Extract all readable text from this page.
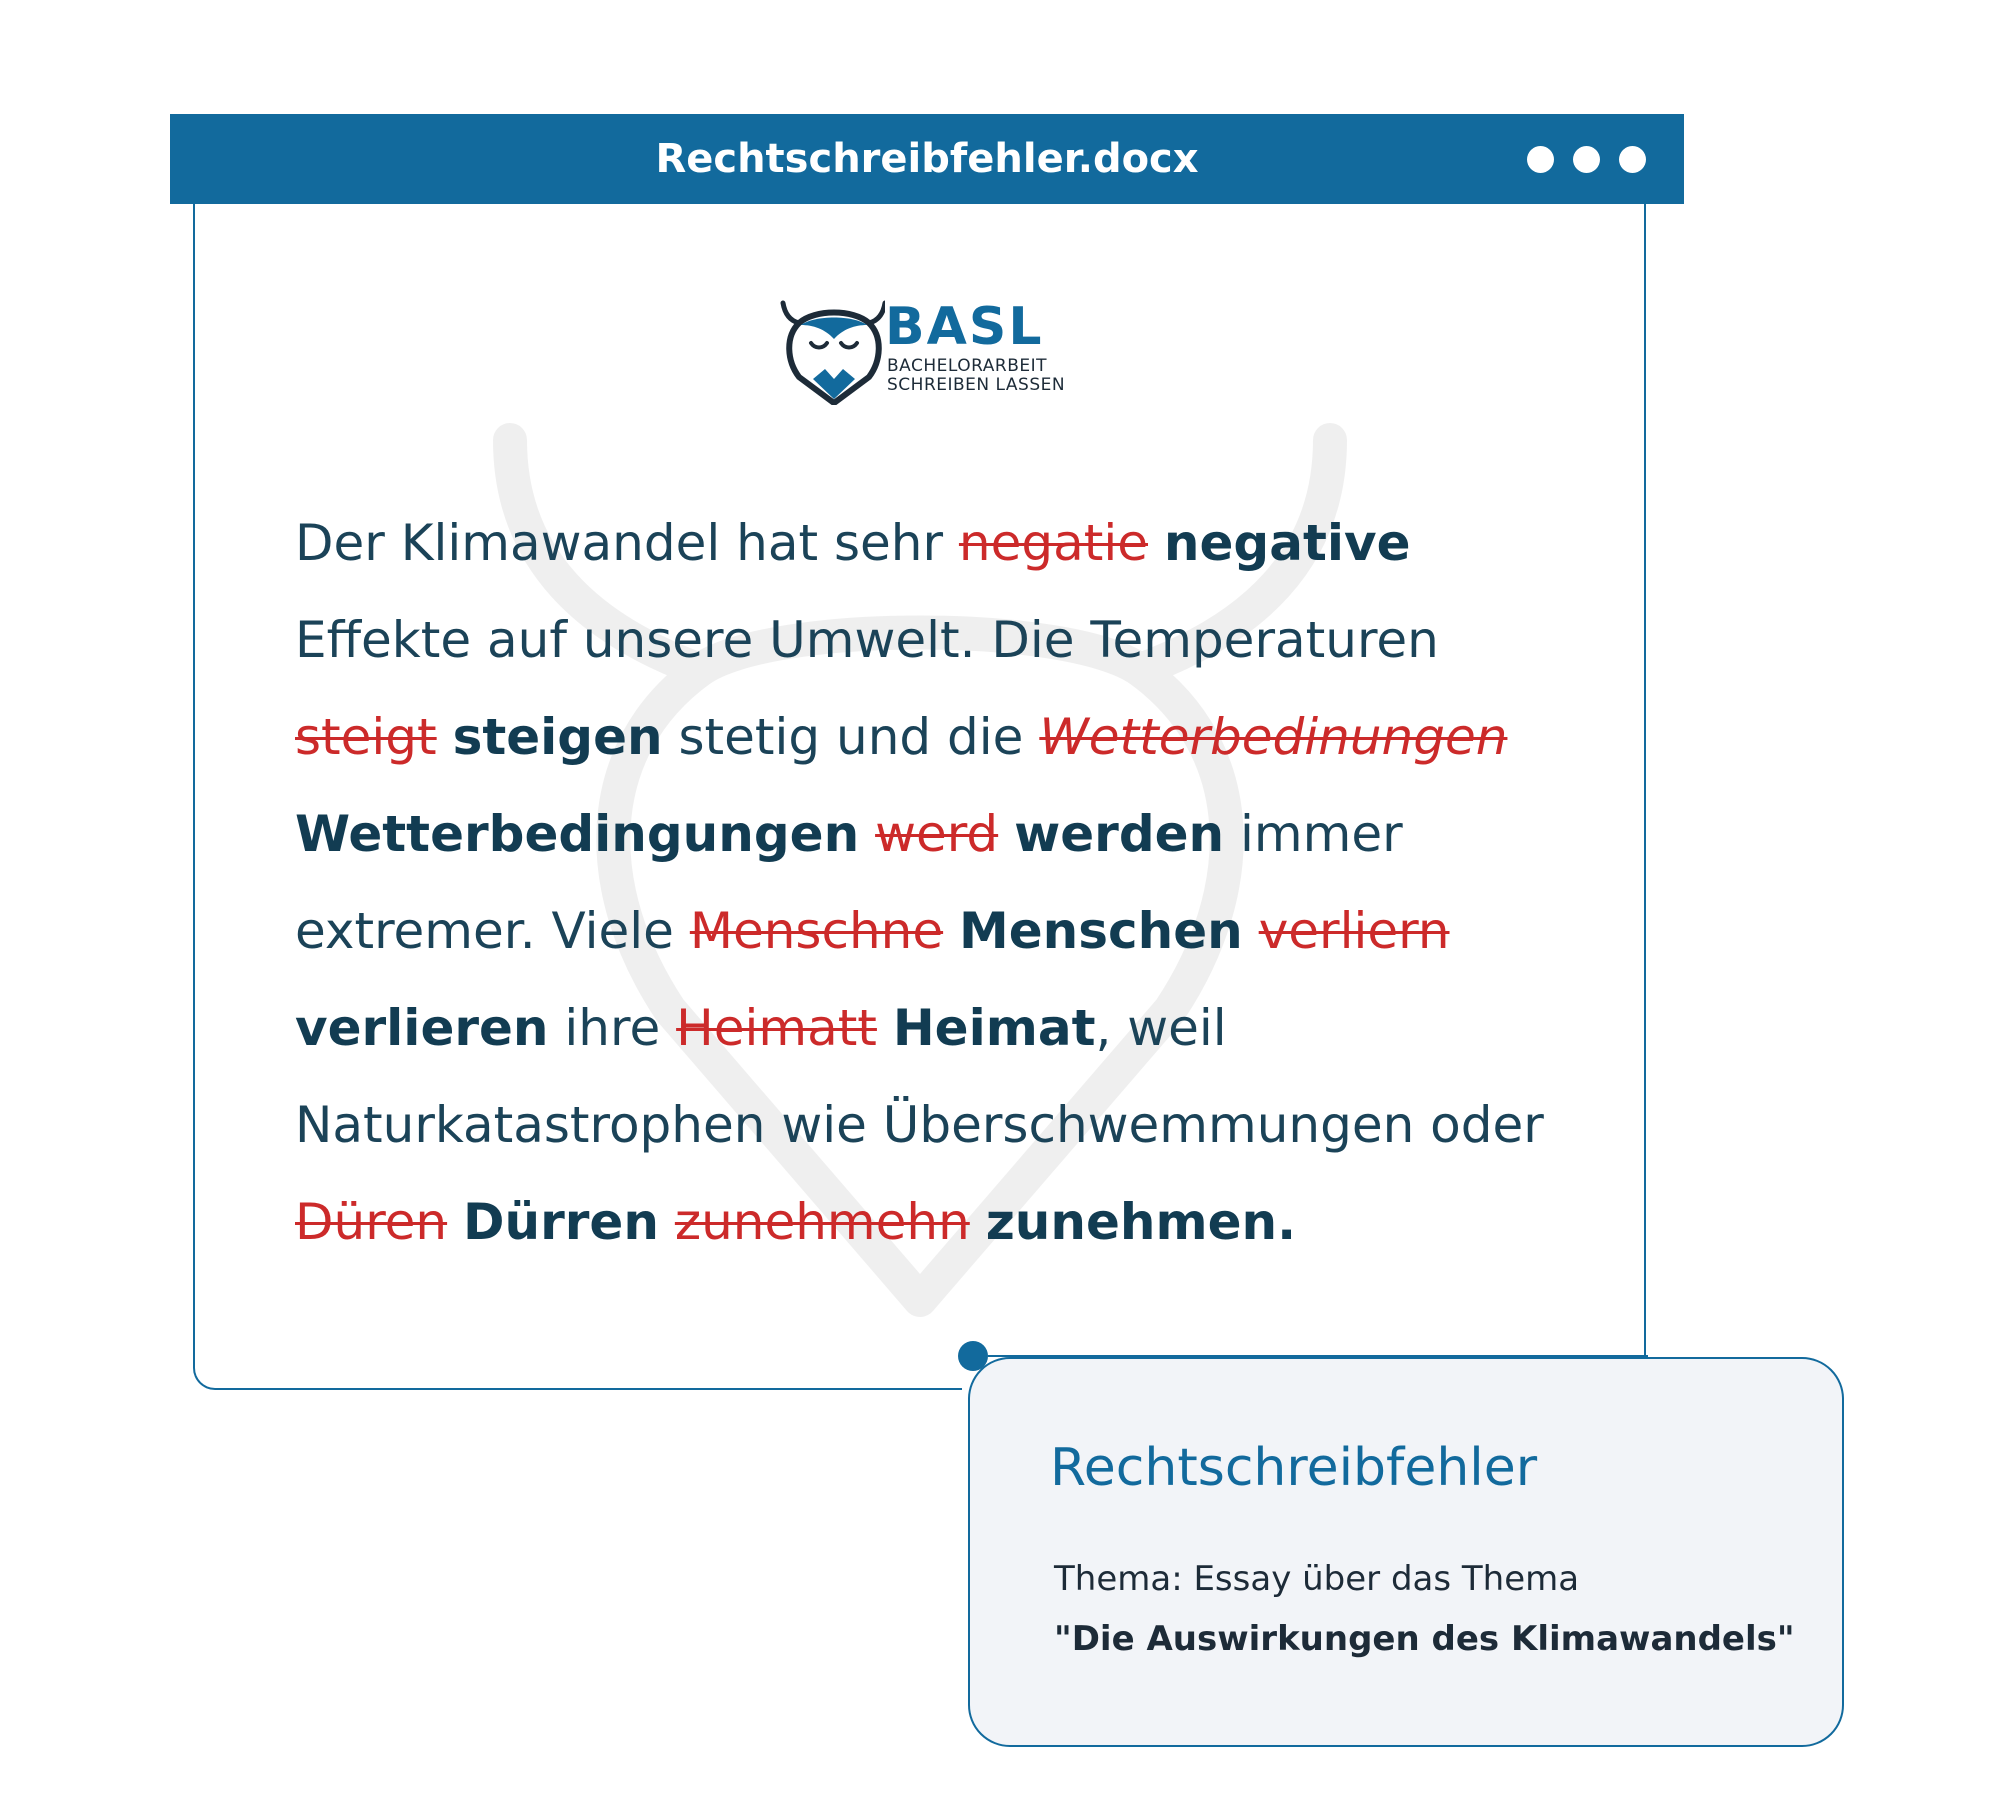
Rechtschreibfehler.docx
BASL
BACHELORARBEIT
SCHREIBEN LASSEN
Der Klimawandel hat sehr negatie negative Effekte auf unsere Umwelt. Die Temperaturen steigt steigen stetig und die Wetterbedinungen Wetterbedingungen werd werden immer extremer. Viele Menschne Menschen verliern verlieren ihre Heimatt Heimat, weil Naturkatastrophen wie Überschwemmungen oder Düren Dürren zunehmehn zunehmen.
Rechtschreibfehler
Thema: Essay über das Thema
"Die Auswirkungen des Klimawandels"
